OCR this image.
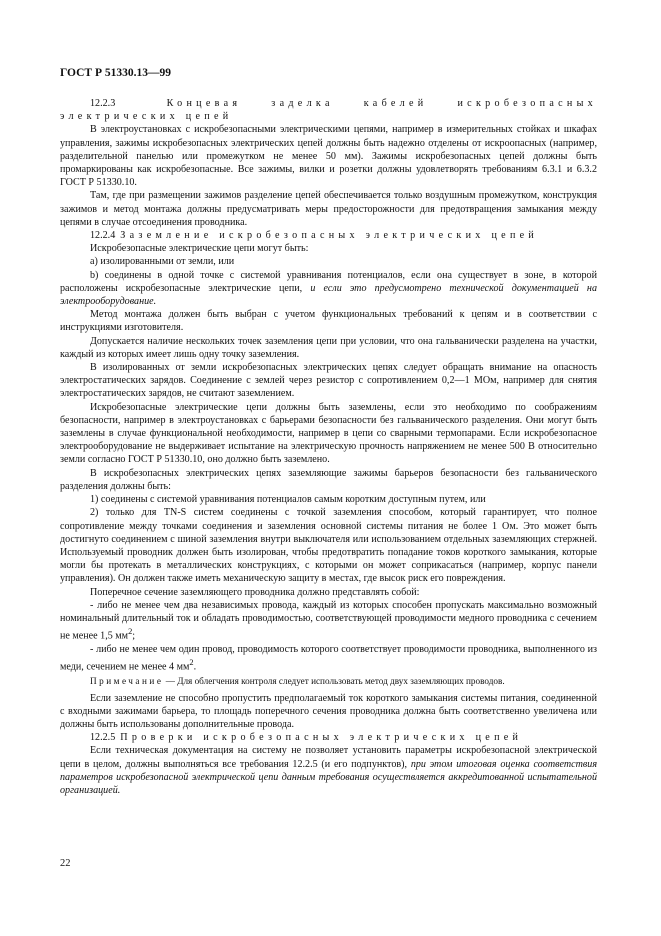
ГОСТ Р 51330.13—99

12.2.3	Концевая заделка кабелей искробезопасных электрических цепей

В электроустановках с искробезопасными электрическими цепями, например в измерительных стойках и шкафах управления, зажимы искробезопасных электрических цепей должны быть надежно отделены от искроопасных (например, разделительной панелью или промежутком не менее 50 мм). Зажимы искробезопасных цепей должны быть промаркированы как искробезопасные. Все зажимы, вилки и розетки должны удовлетворять требованиям 6.3.1 и 6.3.2 ГОСТ Р 51330.10.

Там, где при размещении зажимов разделение цепей обеспечивается только воздушным промежутком, конструкция зажимов и метод монтажа должны предусматривать меры предосторожности для предотвращения замыкания между цепями в случае отсоединения проводника.

12.2.4 Заземление искробезопасных электрических цепей

Искробезопасные электрические цепи могут быть:

а) изолированными от земли, или

b) соединены в одной точке с системой уравнивания потенциалов, если она существует в зоне, в которой расположены искробезопасные электрические цепи, и если это предусмотрено технической документацией на электрооборудование.

Метод монтажа должен быть выбран с учетом функциональных требований к цепям и в соответствии с инструкциями изготовителя.

Допускается наличие нескольких точек заземления цепи при условии, что она гальванически разделена на участки, каждый из которых имеет лишь одну точку заземления.

В изолированных от земли искробезопасных электрических цепях следует обращать внимание на опасность электростатических зарядов. Соединение с землей через резистор с сопротивлением 0,2—1 МОм, например для снятия электростатических зарядов, не считают заземлением.

Искробезопасные электрические цепи должны быть заземлены, если это необходимо по соображениям безопасности, например в электроустановках с барьерами безопасности без гальванического разделения. Они могут быть заземлены в случае функциональной необходимости, например в цепи со сварными термопарами. Если искробезопасное электрооборудование не выдерживает испытание на электрическую прочность напряжением не менее 500 В относительно земли согласно ГОСТ Р 51330.10, оно должно быть заземлено.

В искробезопасных электрических цепях заземляющие зажимы барьеров безопасности без гальванического разделения должны быть:

1) соединены с системой уравнивания потенциалов самым коротким доступным путем, или

2) только для TN-S систем соединены с точкой заземления способом, который гарантирует, что полное сопротивление между точками соединения и заземления основной системы питания не более 1 Ом. Это может быть достигнуто соединением с шиной заземления внутри выключателя или использованием отдельных заземляющих стержней. Используемый проводник должен быть изолирован, чтобы предотвратить попадание токов короткого замыкания, которые могли бы протекать в металлических конструкциях, с которыми он может соприкасаться (например, корпус панели управления). Он должен также иметь механическую защиту в местах, где высок риск его повреждения.

Поперечное сечение заземляющего проводника должно представлять собой:

- либо не менее чем два независимых провода, каждый из которых способен пропускать максимально возможный номинальный длительный ток и обладать проводимостью, соответствующей проводимости медного проводника с сечением не менее 1,5 $мм^2$;

- либо не менее чем один провод, проводимость которого соответствует проводимости проводника, выполненного из меди, сечением не менее 4 $мм^2$.

Примечание — Для облегчения контроля следует использовать метод двух заземляющих проводов.

Если заземление не способно пропустить предполагаемый ток короткого замыкания системы питания, соединенной с входными зажимами барьера, то площадь поперечного сечения проводника должна быть соответственно увеличена или должны быть использованы дополнительные провода.

12.2.5 Проверки искробезопасных электрических цепей

Если техническая документация на систему не позволяет установить параметры искробезопасной электрической цепи в целом, должны выполняться все требования 12.2.5 (и его подпунктов), при этом итоговая оценка соответствия параметров искробезопасной электрической цепи данным требования осуществляется аккредитованной испытательной организацией.

22
